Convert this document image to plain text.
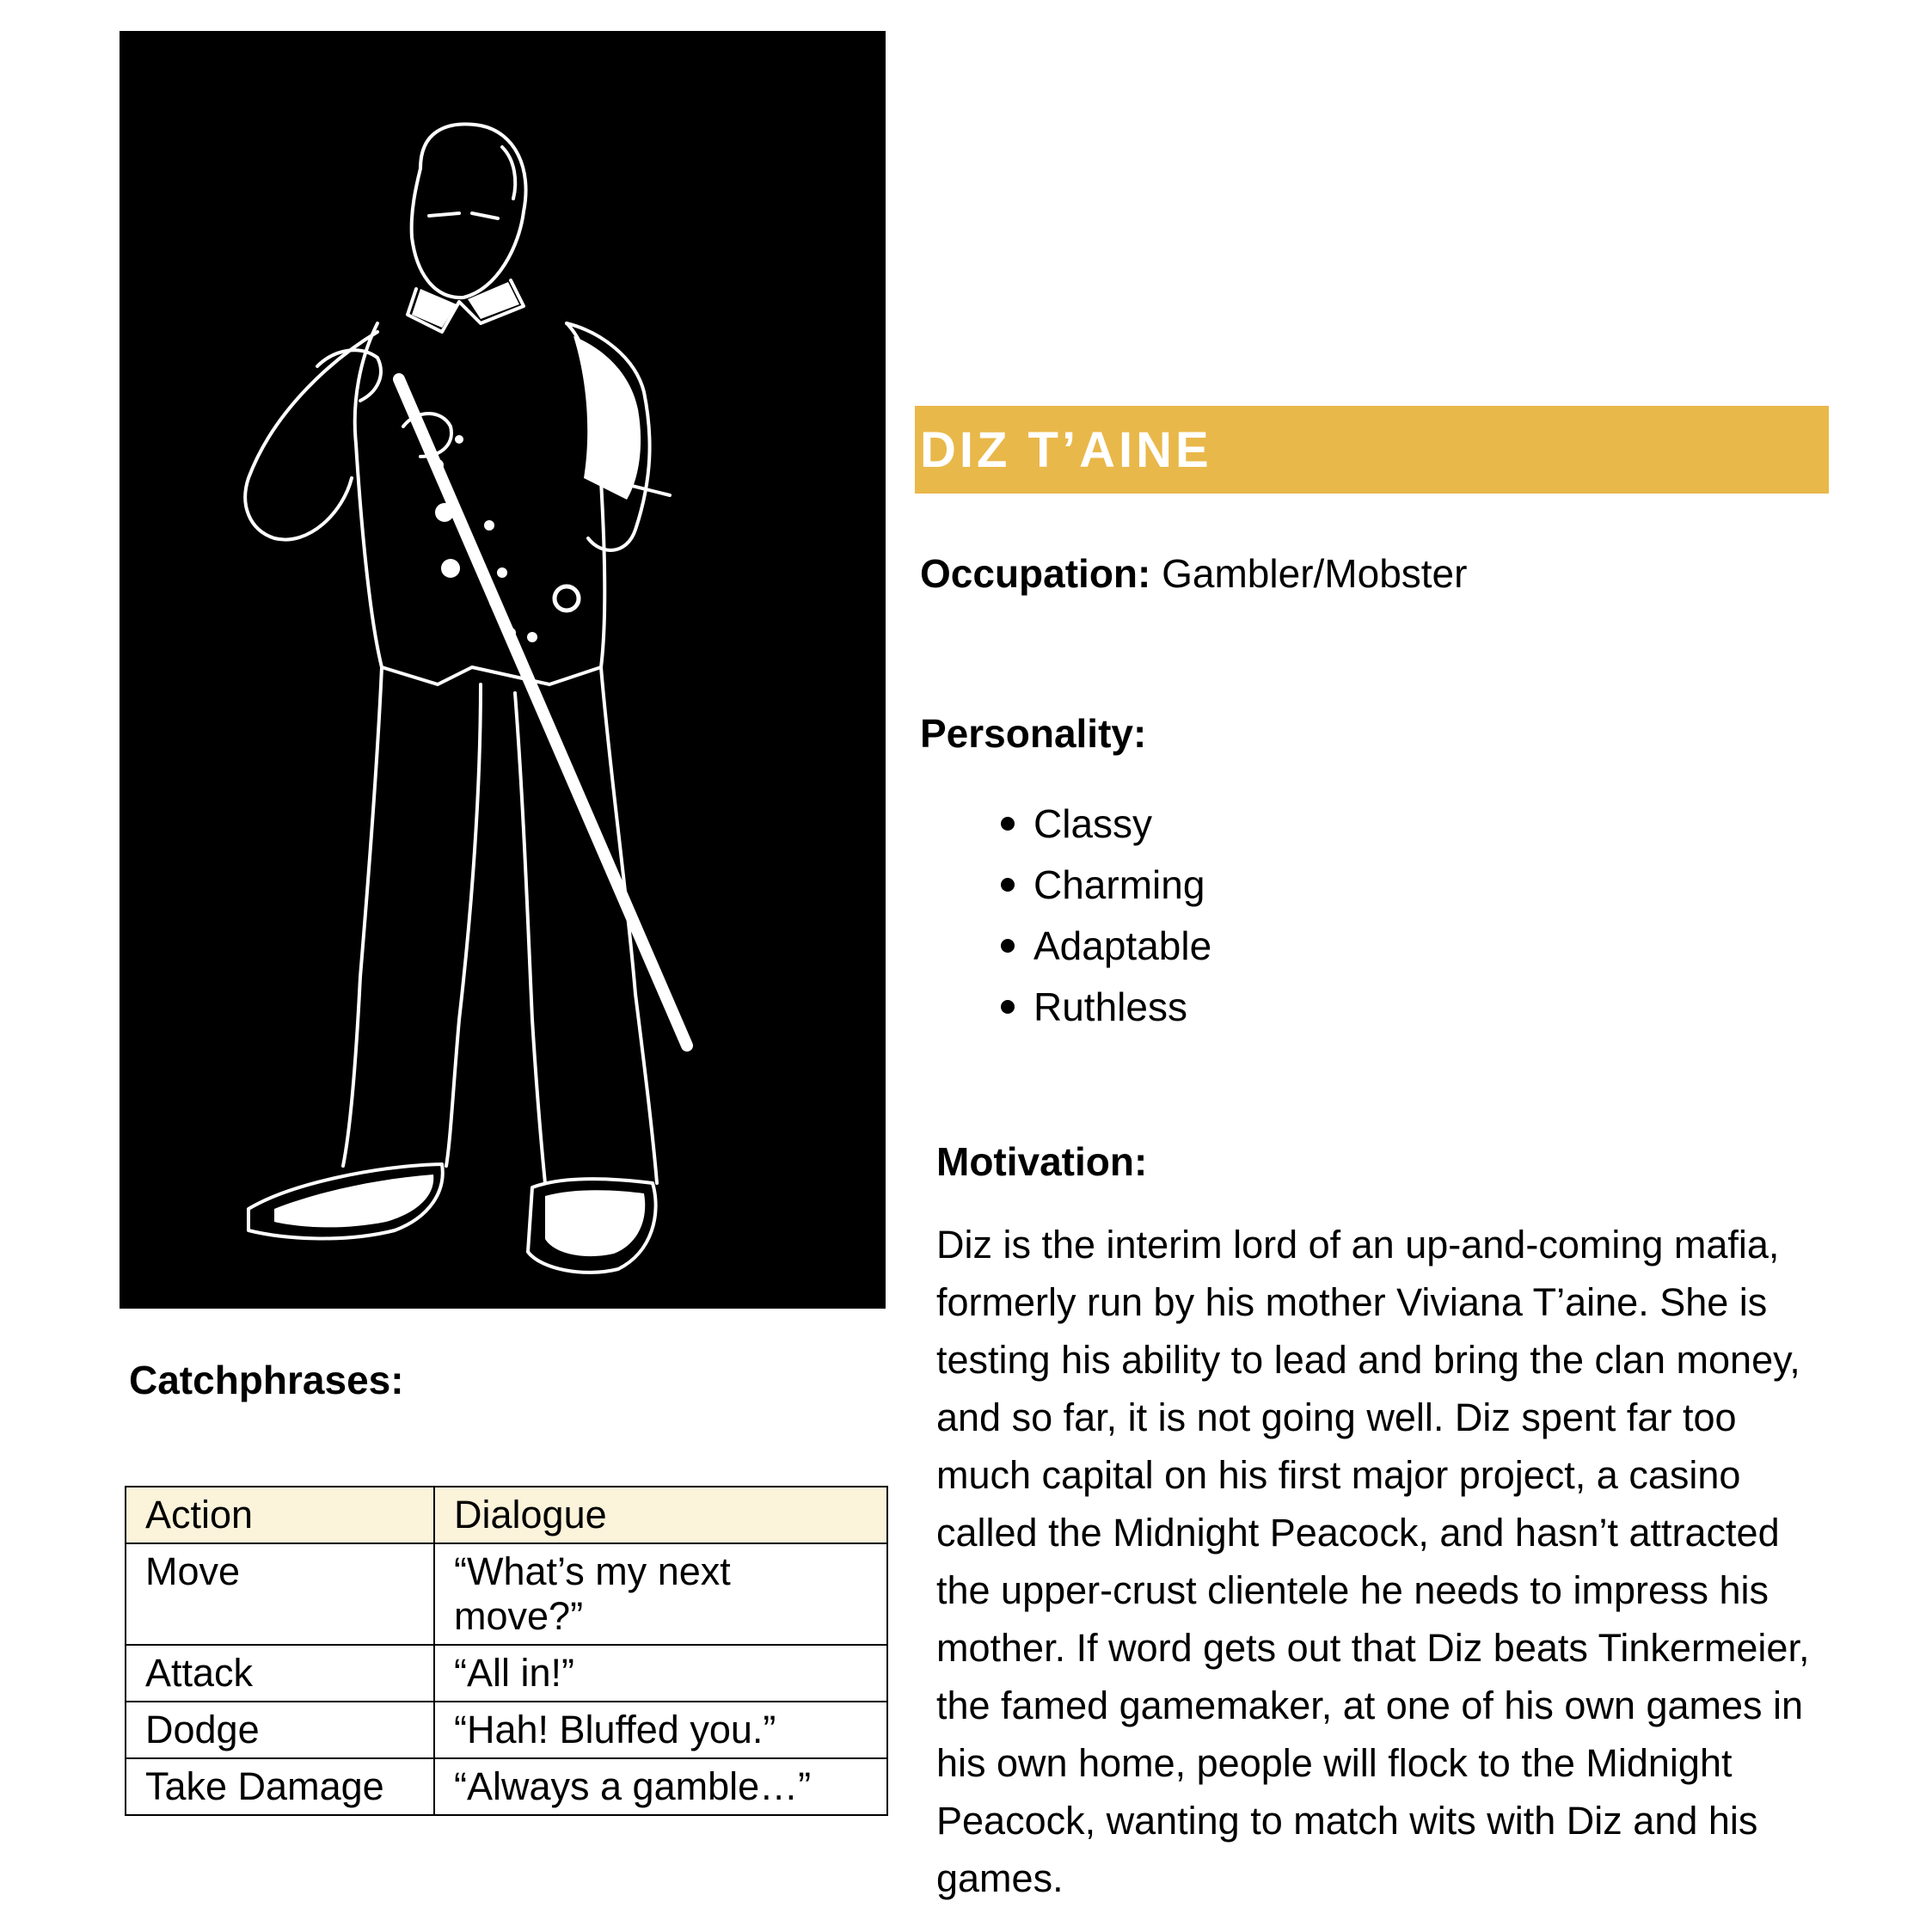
DIZ T’AINE
Occupation: Gambler/Mobster
Personality:
Classy
Charming
Adaptable
Ruthless
Motivation:
Diz is the interim lord of an up-and-coming mafia, formerly run by his mother Viviana T’aine. She is testing his ability to lead and bring the clan money, and so far, it is not going well. Diz spent far too much capital on his first major project, a casino called the Midnight Peacock, and hasn’t attracted the upper-crust clientele he needs to impress his mother. If word gets out that Diz beats Tinkermeier, the famed gamemaker, at one of his own games in his own home, people will flock to the Midnight Peacock, wanting to match wits with Diz and his games.
Catchphrases:
Action	Dialogue
Move	“What’s my next move?”
Attack	“All in!”
Dodge	“Hah! Bluffed you.”
Take Damage	“Always a gamble…”
